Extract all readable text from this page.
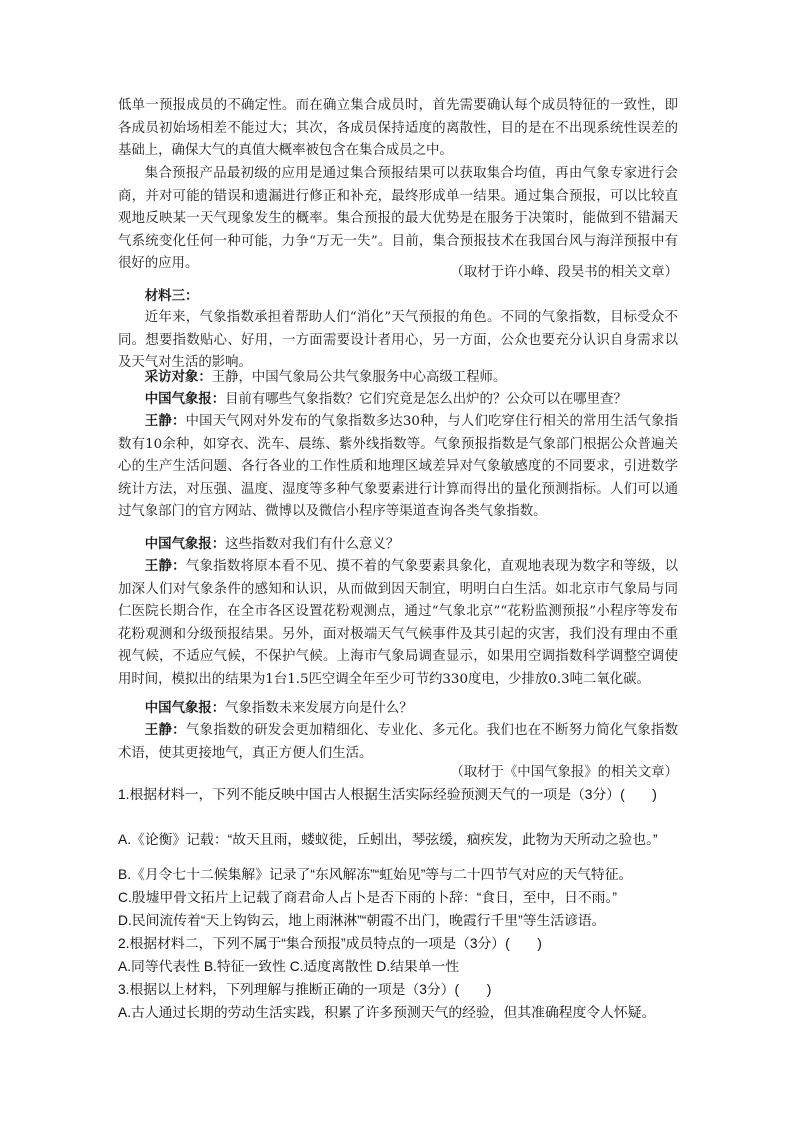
低单一预报成员的不确定性。而在确立集合成员时，首先需要确认每个成员特征的一致性，即各成员初始场相差不能过大；其次，各成员保持适度的离散性，目的是在不出现系统性误差的基础上，确保大气的真值大概率被包含在集合成员之中。

集合预报产品最初级的应用是通过集合预报结果可以获取集合均值，再由气象专家进行会商，并对可能的错误和遗漏进行修正和补充，最终形成单一结果。通过集合预报，可以比较直观地反映某一天气现象发生的概率。集合预报的最大优势是在服务于决策时，能做到不错漏天气系统变化任何一种可能，力争“万无一失”。目前，集合预报技术在我国台风与海洋预报中有很好的应用。

（取材于许小峰、段昊书的相关文章）

材料三：

近年来，气象指数承担着帮助人们“消化”天气预报的角色。不同的气象指数，目标受众不同。想要指数贴心、好用，一方面需要设计者用心，另一方面，公众也要充分认识自身需求以及天气对生活的影响。

采访对象：王静，中国气象局公共气象服务中心高级工程师。

中国气象报：目前有哪些气象指数？它们究竟是怎么出炉的？公众可以在哪里查？

王静：中国天气网对外发布的气象指数多达30种，与人们吃穿住行相关的常用生活气象指数有10余种，如穿衣、洗车、晨练、紫外线指数等。气象预报指数是气象部门根据公众普遍关心的生产生活问题、各行各业的工作性质和地理区域差异对气象敏感度的不同要求，引进数学统计方法，对压强、温度、湿度等多种气象要素进行计算而得出的量化预测指标。人们可以通过气象部门的官方网站、微博以及微信小程序等渠道查询各类气象指数。

中国气象报：这些指数对我们有什么意义？

王静：气象指数将原本看不见、摸不着的气象要素具象化，直观地表现为数字和等级，以加深人们对气象条件的感知和认识，从而做到因天制宜，明明白白生活。如北京市气象局与同仁医院长期合作，在全市各区设置花粉观测点，通过“气象北京”“花粉监测预报”小程序等发布花粉观测和分级预报结果。另外，面对极端天气气候事件及其引起的灾害，我们没有理由不重视气候，不适应气候，不保护气候。上海市气象局调查显示，如果用空调指数科学调整空调使用时间，模拟出的结果为1台1.5匹空调全年至少可节约330度电，少排放0.3吨二氧化碳。

中国气象报：气象指数未来发展方向是什么？

王静：气象指数的研发会更加精细化、专业化、多元化。我们也在不断努力简化气象指数术语，使其更接地气，真正方便人们生活。

（取材于《中国气象报》的相关文章）

1.根据材料一，下列不能反映中国古人根据生活实际经验预测天气的一项是（3分）(　　)

A.《论衡》记载：“故天且雨，蝼蚁徙，丘蚓出，琴弦缓，痼疾发，此物为天所动之验也。”

B.《月令七十二候集解》记录了“东风解冻”“虹始见”等与二十四节气对应的天气特征。

C.殷墟甲骨文拓片上记载了商君命人占卜是否下雨的卜辞：“食日，至中，日不雨。”

D.民间流传着“天上钩钩云，地上雨淋淋”“朝霞不出门，晚霞行千里”等生活谚语。

2.根据材料二，下列不属于“集合预报”成员特点的一项是（3分）(　　)

A.同等代表性 B.特征一致性 C.适度离散性 D.结果单一性

3.根据以上材料，下列理解与推断正确的一项是（3分）(　　)

A.古人通过长期的劳动生活实践，积累了许多预测天气的经验，但其准确程度令人怀疑。
